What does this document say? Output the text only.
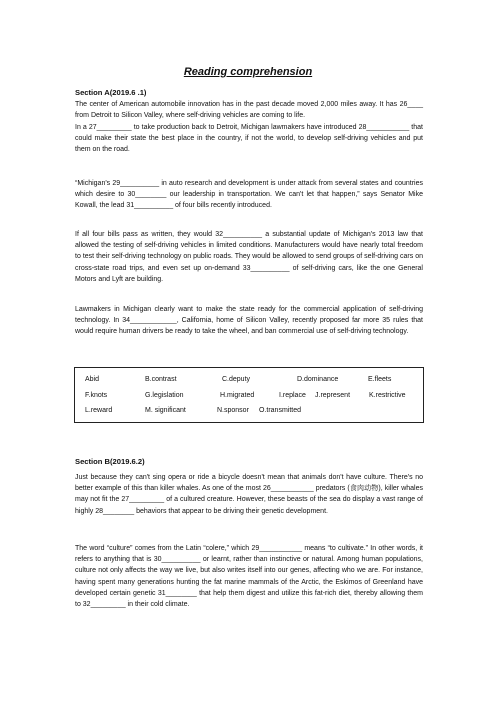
Reading comprehension
Section A(2019.6 .1)

The center of American automobile innovation has in the past decade moved 2,000 miles away. It has 26____ from Detroit to Silicon Valley, where self-driving vehicles are coming to life.

In a 27_________ to take production back to Detroit, Michigan lawmakers have introduced 28___________ that could make their state the best place in the country, if not the world, to develop self-driving vehicles and put them on the road.

“Michigan's 29__________ in auto research and development is under attack from several states and countries which desire to 30________ our leadership in transportation. We can't let that happen,” says Senator Mike Kowall, the lead 31__________ of four bills recently introduced.

If all four bills pass as written, they would 32__________ a substantial update of Michigan's 2013 law that allowed the testing of self-driving vehicles in limited conditions. Manufacturers would have nearly total freedom to test their self-driving technology on public roads. They would be allowed to send groups of self-driving cars on cross-state road trips, and even set up on-demand 33__________ of self-driving cars, like the one General Motors and Lyft are building.

Lawmakers in Michigan clearly want to make the state ready for the commercial application of self-driving technology. In 34____________, California, home of Silicon Valley, recently proposed far more 35 rules that would require human drivers be ready to take the wheel, and ban commercial use of self-driving technology.

Abid	B.contrast	C.deputy	D.dominance	E.fleets
F.knots	G.legislation	H.migrated	I.replace J.represent	K.restrictive
L.reward	M. significant	N.sponsor O.transmitted
Section B(2019.6.2)

Just because they can't sing opera or ride a bicycle doesn't mean that animals don't have culture. There's no better example of this than killer whales. As one of the most 26___________ predators (食肉动物), killer whales may not fit the 27_________ of a cultured creature. However, these beasts of the sea do display a vast range of highly 28________ behaviors that appear to be driving their genetic development.

The word “culture” comes from the Latin “colere,” which 29___________ means “to cultivate.” In other words, it refers to anything that is 30__________ or learnt, rather than instinctive or natural. Among human populations, culture not only affects the way we live, but also writes itself into our genes, affecting who we are. For instance, having spent many generations hunting the fat marine mammals of the Arctic, the Eskimos of Greenland have developed certain genetic 31________ that help them digest and utilize this fat-rich diet, thereby allowing them to 32_________ in their cold climate.
